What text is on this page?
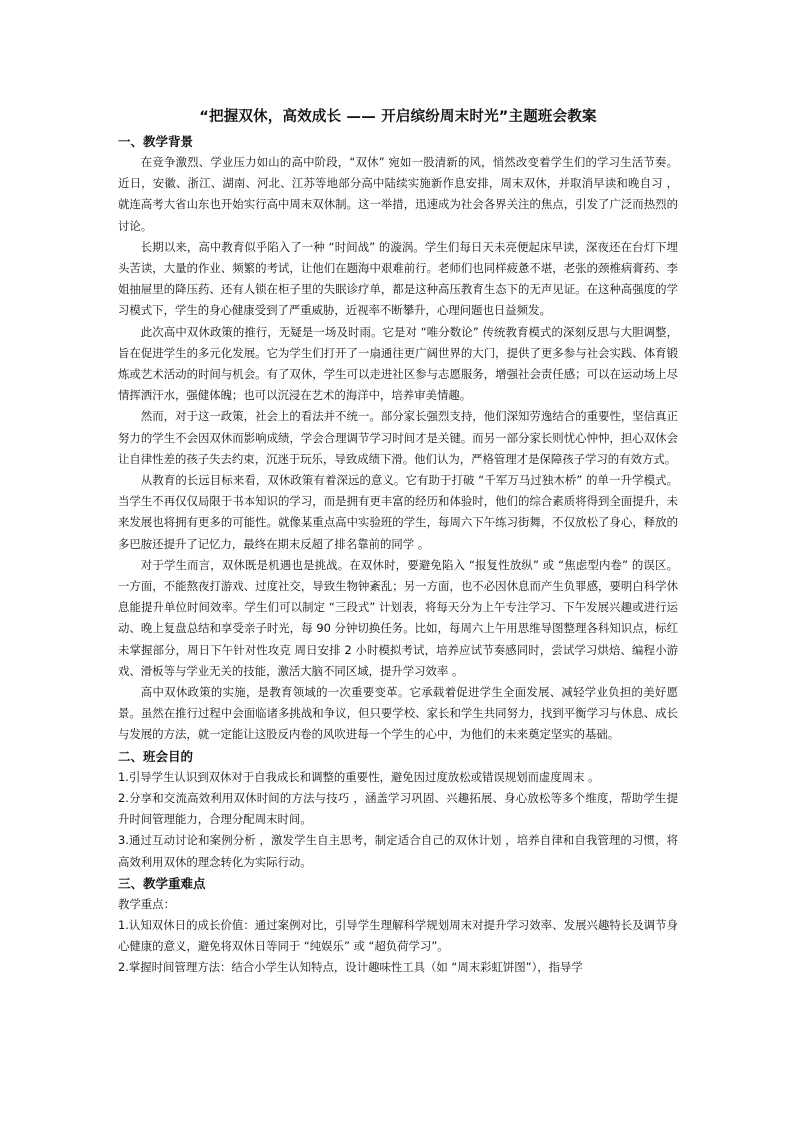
“把握双休，高效成长 —— 开启缤纷周末时光”主题班会教案
一、教学背景

在竞争激烈、学业压力如山的高中阶段，“双休” 宛如一股清新的风，悄然改变着学生们的学习生活节奏。近日，安徽、浙江、湖南、河北、江苏等地部分高中陆续实施新作息安排，周末双休，并取消早读和晚自习 ，就连高考大省山东也开始实行高中周末双休制。这一举措，迅速成为社会各界关注的焦点，引发了广泛而热烈的讨论。

长期以来，高中教育似乎陷入了一种 “时间战” 的漩涡。学生们每日天未亮便起床早读，深夜还在台灯下埋头苦读，大量的作业、频繁的考试，让他们在题海中艰难前行。老师们也同样疲惫不堪，老张的颈椎病膏药、李姐抽屉里的降压药、还有人锁在柜子里的失眠诊疗单，都是这种高压教育生态下的无声见证。在这种高强度的学习模式下，学生的身心健康受到了严重威胁，近视率不断攀升，心理问题也日益频发。

此次高中双休政策的推行，无疑是一场及时雨。它是对 “唯分数论” 传统教育模式的深刻反思与大胆调整，旨在促进学生的多元化发展。它为学生们打开了一扇通往更广阔世界的大门，提供了更多参与社会实践、体育锻炼或艺术活动的时间与机会。有了双休，学生可以走进社区参与志愿服务，增强社会责任感；可以在运动场上尽情挥洒汗水，强健体魄；也可以沉浸在艺术的海洋中，培养审美情趣。

然而，对于这一政策，社会上的看法并不统一。部分家长强烈支持，他们深知劳逸结合的重要性，坚信真正努力的学生不会因双休而影响成绩，学会合理调节学习时间才是关键。而另一部分家长则忧心忡忡，担心双休会让自律性差的孩子失去约束，沉迷于玩乐，导致成绩下滑。他们认为，严格管理才是保障孩子学习的有效方式。

从教育的长远目标来看，双休政策有着深远的意义。它有助于打破 “千军万马过独木桥” 的单一升学模式。当学生不再仅仅局限于书本知识的学习，而是拥有更丰富的经历和体验时，他们的综合素质将得到全面提升，未来发展也将拥有更多的可能性。就像某重点高中实验班的学生，每周六下午练习街舞，不仅放松了身心，释放的多巴胺还提升了记忆力，最终在期末反超了排名靠前的同学 。

对于学生而言，双休既是机遇也是挑战。在双休时，要避免陷入 “报复性放纵” 或 “焦虑型内卷” 的误区。一方面，不能熬夜打游戏、过度社交，导致生物钟紊乱；另一方面，也不必因休息而产生负罪感，要明白科学休息能提升单位时间效率。学生们可以制定 “三段式” 计划表，将每天分为上午专注学习、下午发展兴趣或进行运动、晚上复盘总结和享受亲子时光，每 90 分钟切换任务。比如，每周六上午用思维导图整理各科知识点，标红未掌握部分，周日下午针对性攻克 周日安排 2 小时模拟考试，培养应试节奏感同时，尝试学习烘焙、编程小游戏、滑板等与学业无关的技能，激活大脑不同区域，提升学习效率 。

高中双休政策的实施，是教育领域的一次重要变革。它承载着促进学生全面发展、减轻学业负担的美好愿景。虽然在推行过程中会面临诸多挑战和争议，但只要学校、家长和学生共同努力，找到平衡学习与休息、成长与发展的方法，就一定能让这股反内卷的风吹进每一个学生的心中，为他们的未来奠定坚实的基础。

二、班会目的

1.引导学生认识到双休对于自我成长和调整的重要性，避免因过度放松或错误规划而虚度周末 。

2.分享和交流高效利用双休时间的方法与技巧 ，涵盖学习巩固、兴趣拓展、身心放松等多个维度，帮助学生提升时间管理能力，合理分配周末时间。

3.通过互动讨论和案例分析 ，激发学生自主思考，制定适合自己的双休计划 ，培养自律和自我管理的习惯，将高效利用双休的理念转化为实际行动。

三、教学重难点

教学重点：

1.认知双休日的成长价值：通过案例对比，引导学生理解科学规划周末对提升学习效率、发展兴趣特长及调节身心健康的意义，避免将双休日等同于 “纯娱乐” 或 “超负荷学习”。

2.掌握时间管理方法：结合小学生认知特点，设计趣味性工具（如 “周末彩虹饼图”），指导学
